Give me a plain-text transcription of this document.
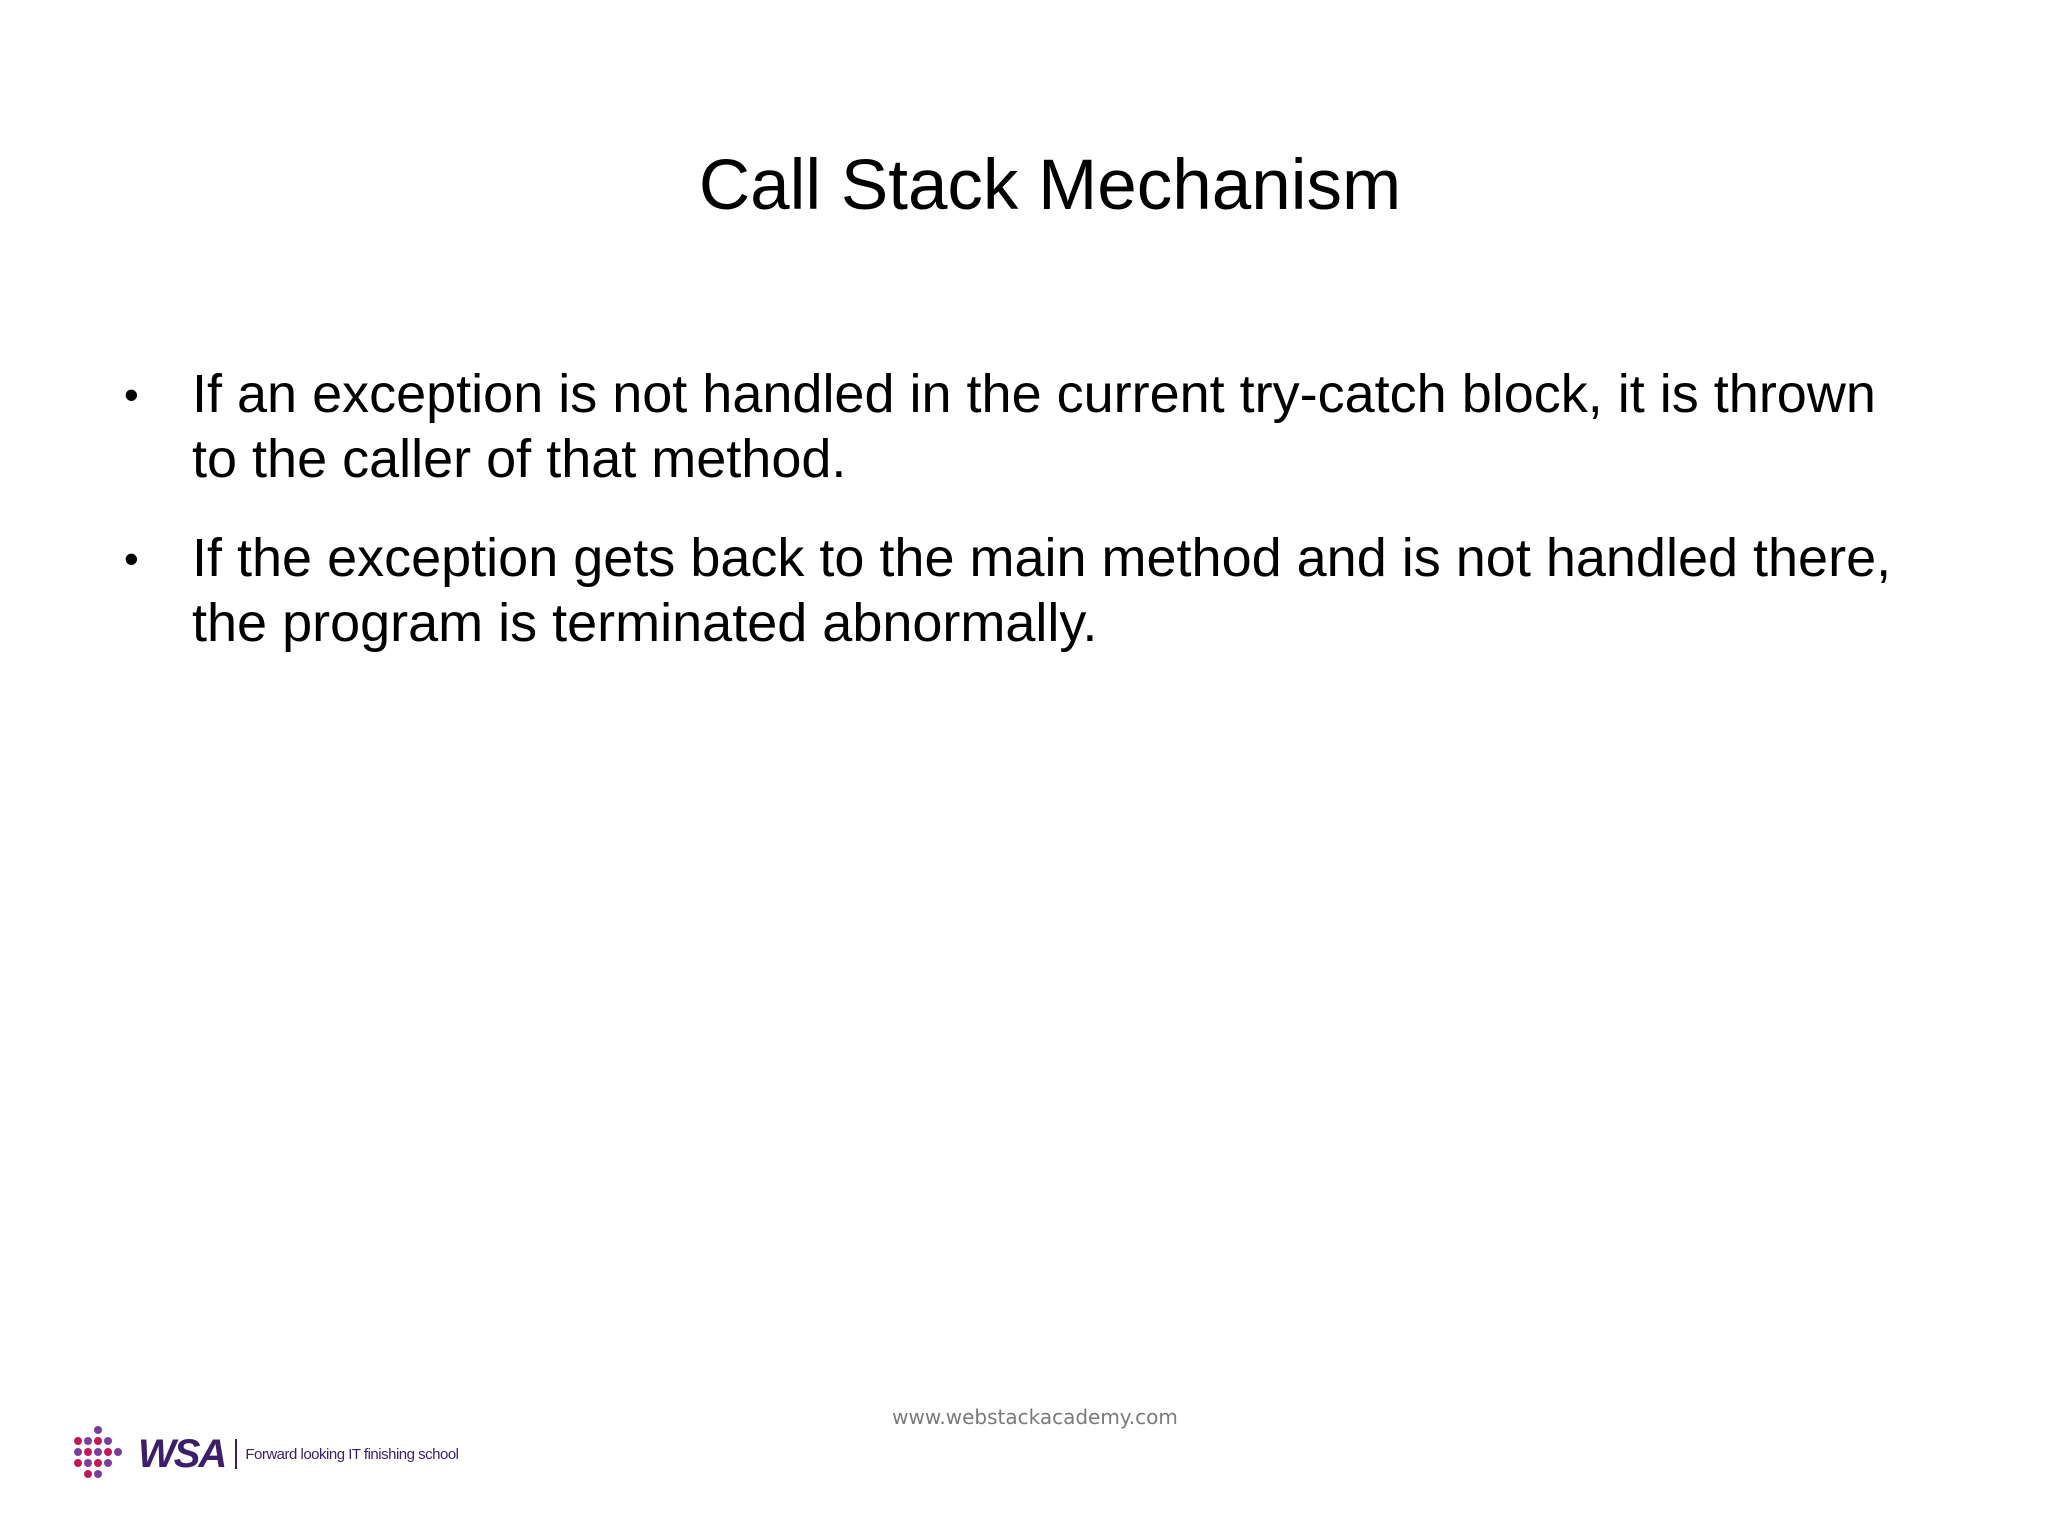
Call Stack Mechanism
• If an exception is not handled in the current try-catch block, it is thrown to the caller of that method.
• If the exception gets back to the main method and is not handled there, the program is terminated abnormally.
www.webstackacademy.com
WSA Forward looking IT finishing school
